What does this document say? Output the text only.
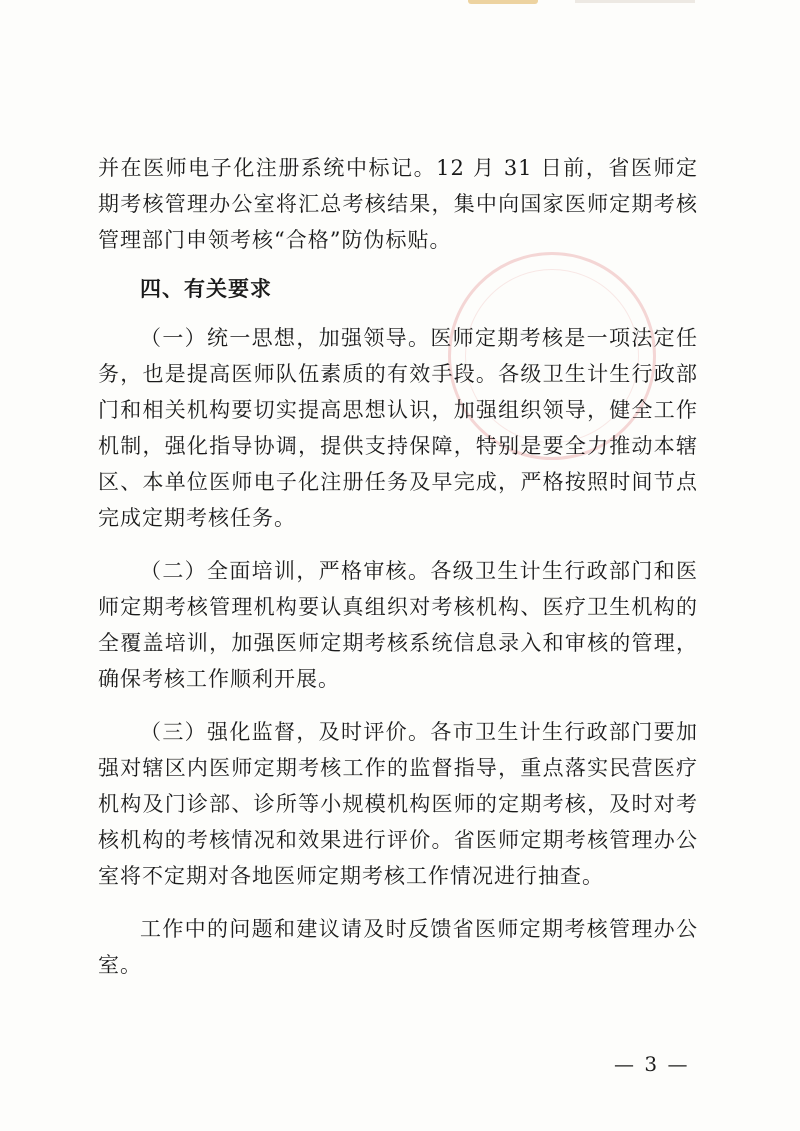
并在医师电子化注册系统中标记。12 月 31 日前，省医师定期考核管理办公室将汇总考核结果，集中向国家医师定期考核管理部门申领考核“合格”防伪标贴。

四、有关要求

（一）统一思想，加强领导。医师定期考核是一项法定任务，也是提高医师队伍素质的有效手段。各级卫生计生行政部门和相关机构要切实提高思想认识，加强组织领导，健全工作机制，强化指导协调，提供支持保障，特别是要全力推动本辖区、本单位医师电子化注册任务及早完成，严格按照时间节点完成定期考核任务。

（二）全面培训，严格审核。各级卫生计生行政部门和医师定期考核管理机构要认真组织对考核机构、医疗卫生机构的全覆盖培训，加强医师定期考核系统信息录入和审核的管理，确保考核工作顺利开展。

（三）强化监督，及时评价。各市卫生计生行政部门要加强对辖区内医师定期考核工作的监督指导，重点落实民营医疗机构及门诊部、诊所等小规模机构医师的定期考核，及时对考核机构的考核情况和效果进行评价。省医师定期考核管理办公室将不定期对各地医师定期考核工作情况进行抽查。

工作中的问题和建议请及时反馈省医师定期考核管理办公室。

— 3 —
